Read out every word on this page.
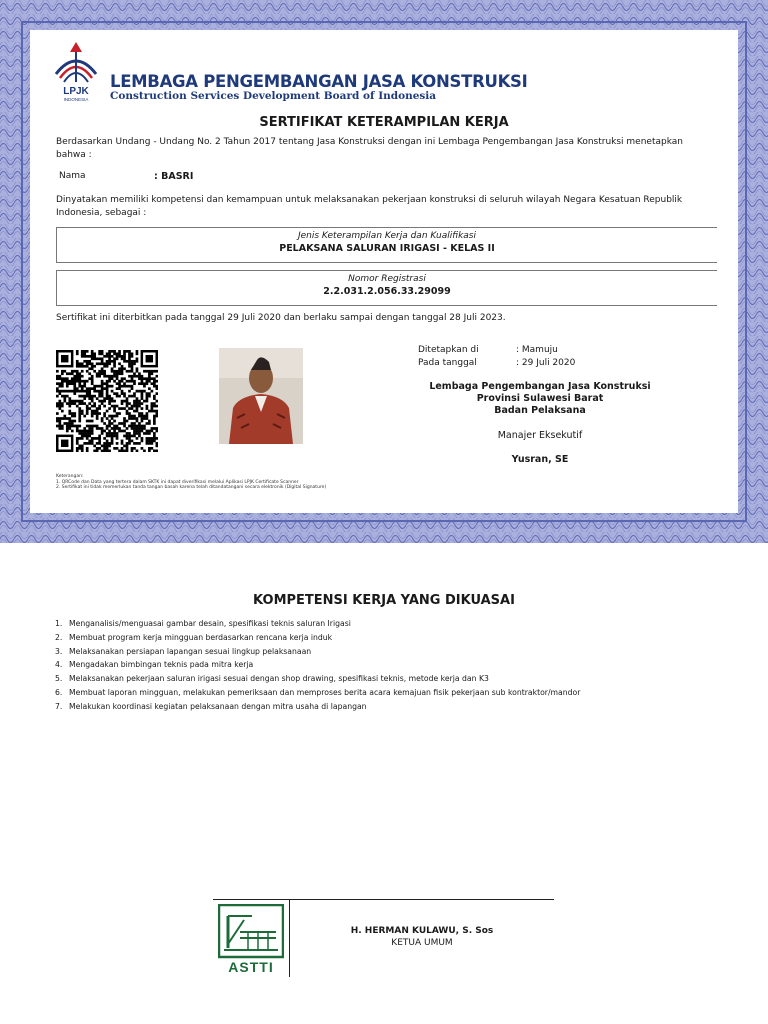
LPJK
INDONESIA
LEMBAGA PENGEMBANGAN JASA KONSTRUKSI
Construction Services Development Board of Indonesia
SERTIFIKAT KETERAMPILAN KERJA
Berdasarkan Undang - Undang No. 2 Tahun 2017 tentang Jasa Konstruksi dengan ini Lembaga Pengembangan Jasa Konstruksi menetapkan
bahwa :
Nama	: BASRI
Dinyatakan memiliki kompetensi dan kemampuan untuk melaksanakan pekerjaan konstruksi di seluruh wilayah Negara Kesatuan Republik
Indonesia, sebagai :
Jenis Keterampilan Kerja dan Kualifikasi
PELAKSANA SALURAN IRIGASI - KELAS II
Nomor Registrasi
2.2.031.2.056.33.29099
Sertifikat ini diterbitkan pada tanggal 29 Juli 2020 dan berlaku sampai dengan tanggal 28 Juli 2023.
Ditetapkan di	: Mamuju
Pada tanggal	: 29 Juli 2020
Lembaga Pengembangan Jasa Konstruksi
Provinsi Sulawesi Barat
Badan Pelaksana
Manajer Eksekutif
Yusran, SE
Keterangan:
1. QRCode dan Data yang tertera dalam SKTK ini dapat diverifikasi melalui Aplikasi LPJK Certificate Scanner
2. Sertifikat ini tidak memerlukan tanda tangan basah karena telah ditandatangani secara elektronik (Digital Signature)
KOMPETENSI KERJA YANG DIKUASAI
1. Menganalisis/menguasai gambar desain, spesifikasi teknis saluran Irigasi
2. Membuat program kerja mingguan berdasarkan rencana kerja induk
3. Melaksanakan persiapan lapangan sesuai lingkup pelaksanaan
4. Mengadakan bimbingan teknis pada mitra kerja
5. Melaksanakan pekerjaan saluran irigasi sesuai dengan shop drawing, spesifikasi teknis, metode kerja dan K3
6. Membuat laporan mingguan, melakukan pemeriksaan dan memproses berita acara kemajuan fisik pekerjaan sub kontraktor/mandor
7. Melakukan koordinasi kegiatan pelaksanaan dengan mitra usaha di lapangan
ASTTI
H. HERMAN KULAWU, S. Sos
KETUA UMUM
